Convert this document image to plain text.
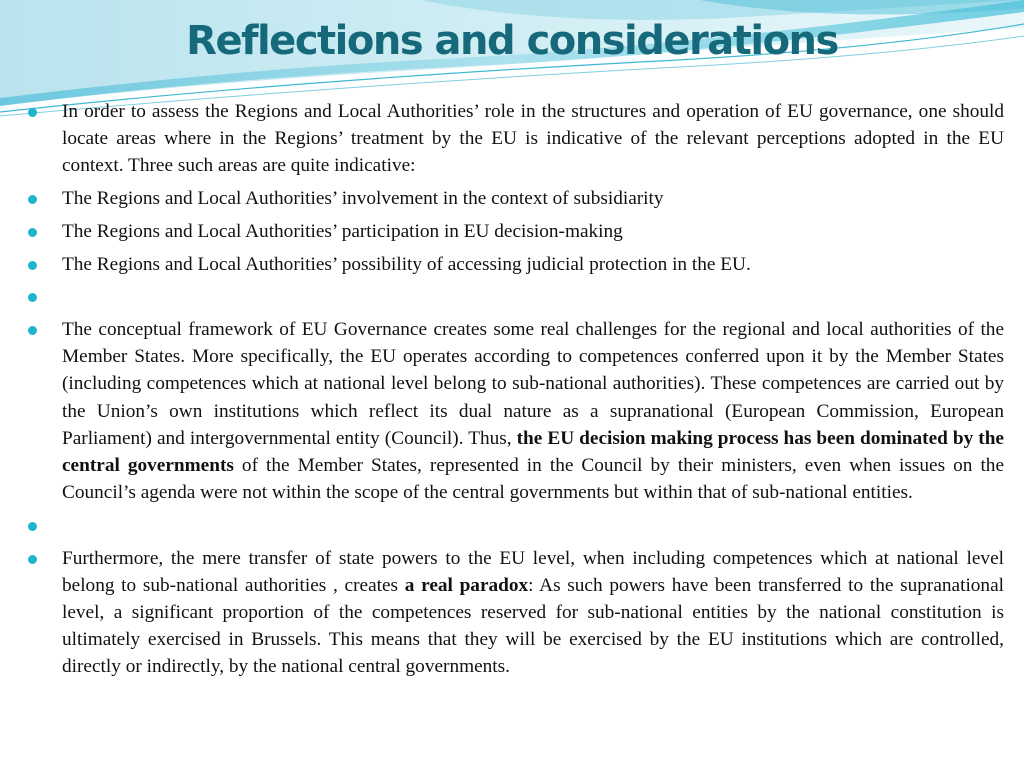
Reflections and considerations
In order to assess the Regions and Local Authorities’ role in the structures and operation of EU governance, one should locate areas where in the Regions’ treatment by the EU is indicative of the relevant perceptions adopted in the EU context. Three such areas are quite indicative:
The Regions and Local Authorities’ involvement in the context of subsidiarity
The Regions and Local Authorities’ participation in EU decision-making
The Regions and Local Authorities’ possibility of accessing judicial protection in the EU.

The conceptual framework of EU Governance creates some real challenges for the regional and local authorities of the Member States. More specifically, the EU operates according to competences conferred upon it by the Member States (including competences which at national level belong to sub-national authorities). These competences are carried out by the Union’s own institutions which reflect its dual nature as a supranational (European Commission, European Parliament) and intergovernmental entity (Council). Thus, the EU decision making process has been dominated by the central governments of the Member States, represented in the Council by their ministers, even when issues on the Council’s agenda were not within the scope of the central governments but within that of sub-national entities.

Furthermore, the mere transfer of state powers to the EU level, when including competences which at national level belong to sub-national authorities , creates a real paradox: As such powers have been transferred to the supranational level, a significant proportion of the competences reserved for sub-national entities by the national constitution is ultimately exercised in Brussels. This means that they will be exercised by the EU institutions which are controlled, directly or indirectly, by the national central governments.
